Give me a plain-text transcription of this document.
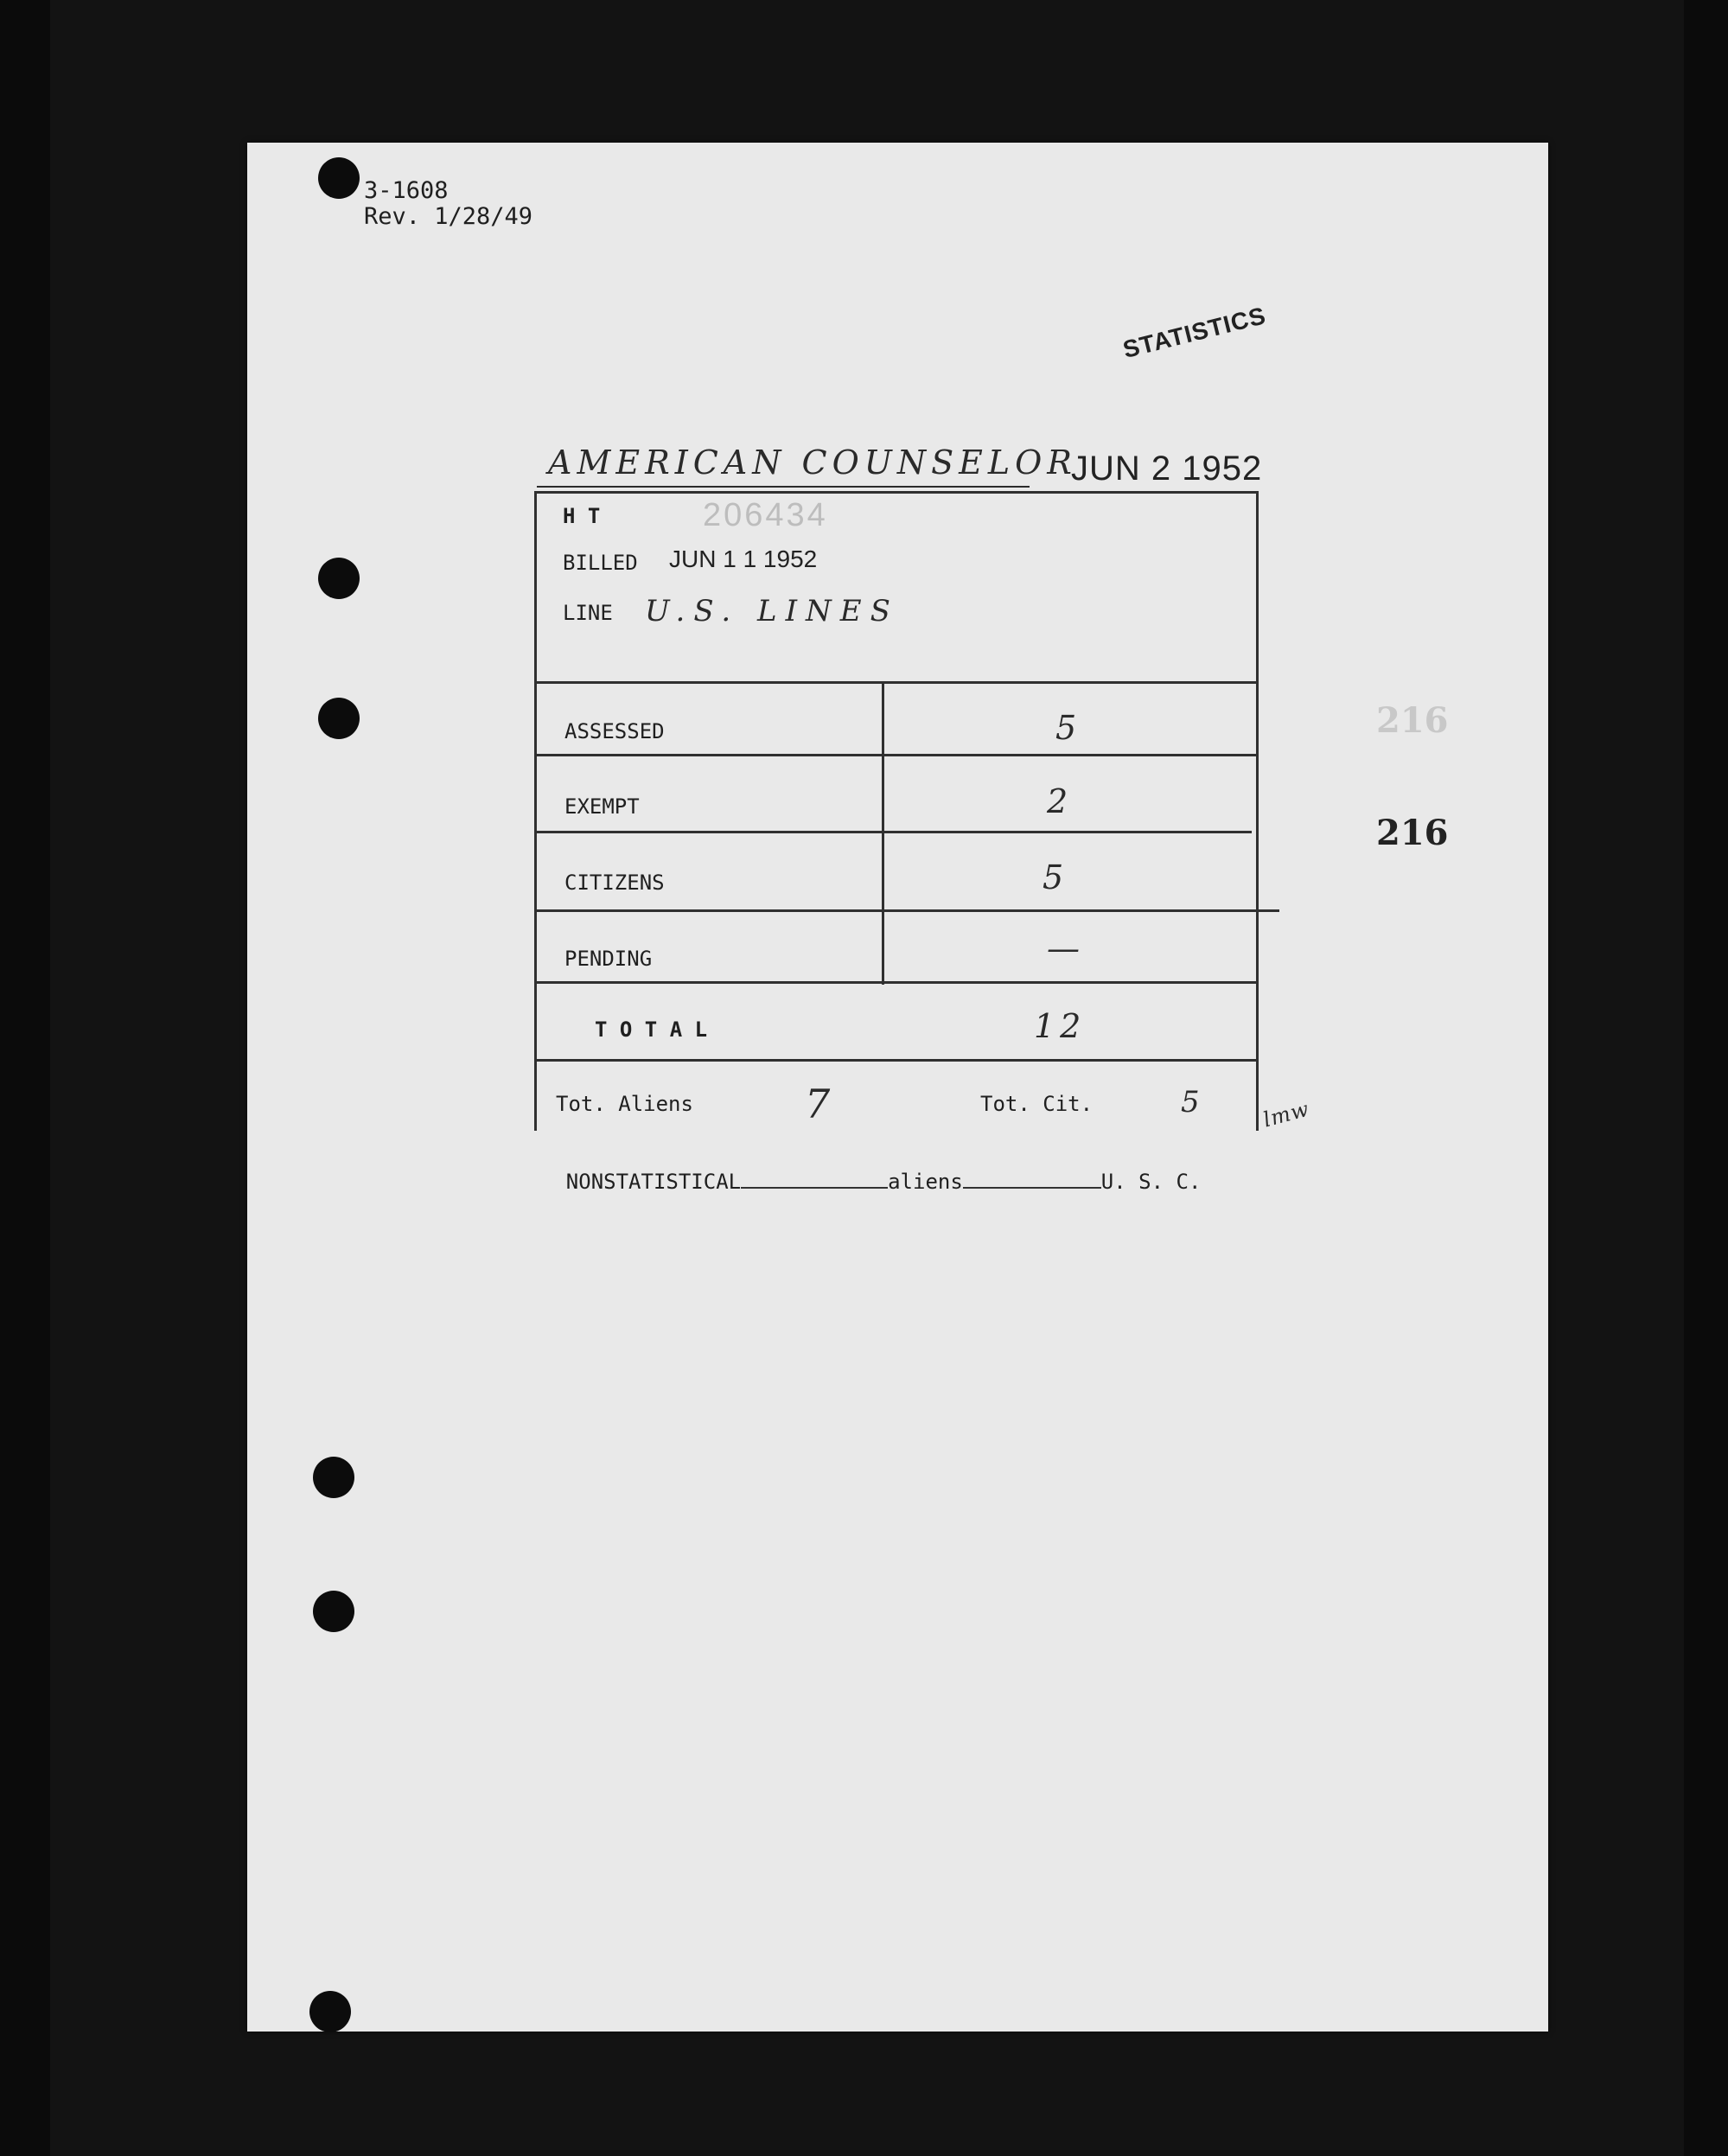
3-1608
Rev. 1/28/49
STATISTICS
AMERICAN COUNSELOR
JUN 2 1952
H T	206434
BILLED JUN 1 1 1952
LINE U.S. LINES
ASSESSED	5
EXEMPT	2
CITIZENS	5
PENDING	—
T O T A L	12
Tot. Aliens	7	Tot. Cit.	5	lmw

NONSTATISTICAL	aliens	U. S. C.

216
216
